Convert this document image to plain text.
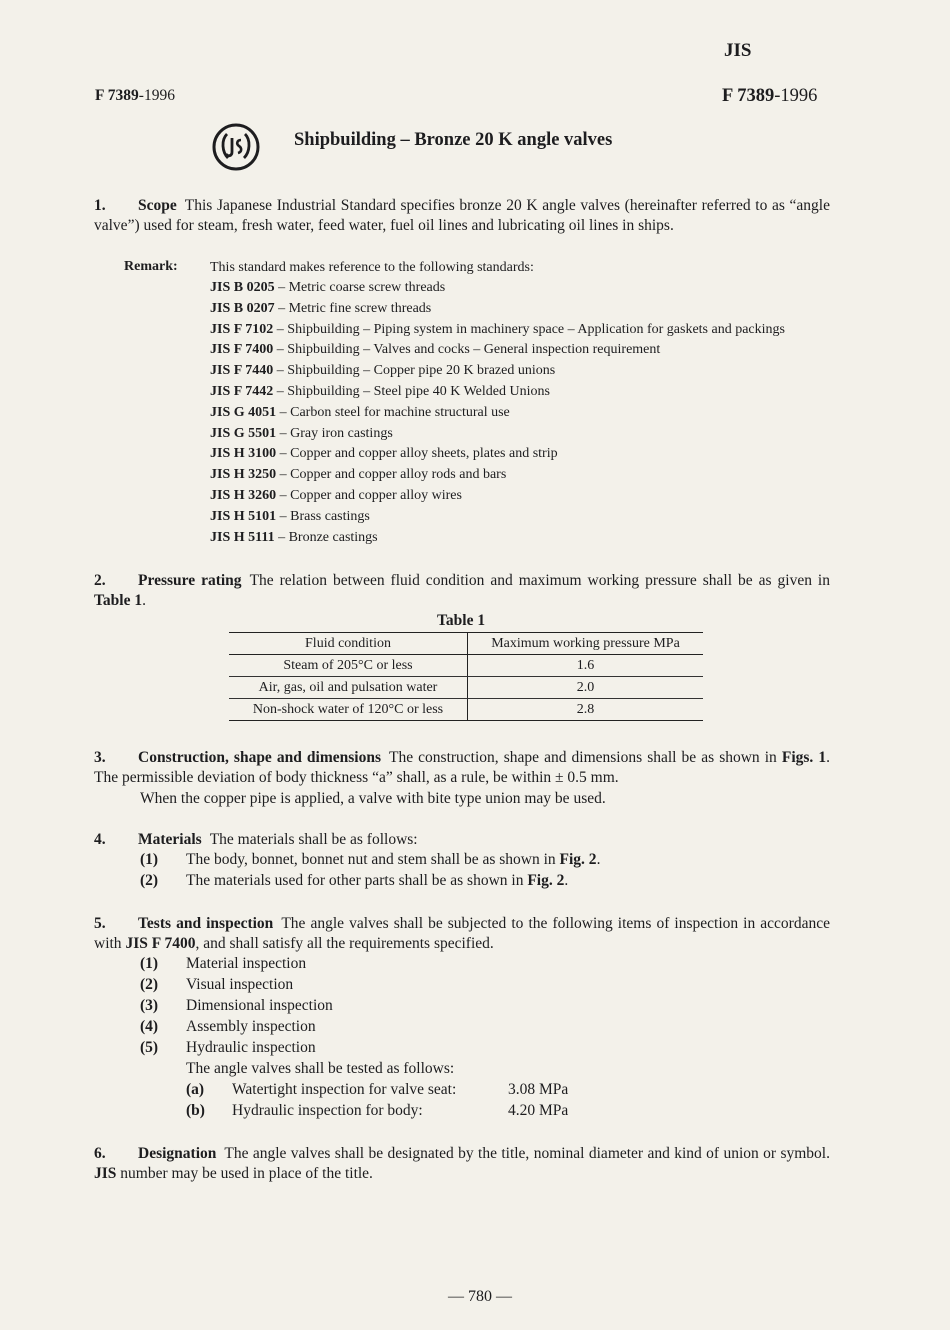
JIS
F 7389-1996	F 7389-1996
Shipbuilding – Bronze 20 K angle valves

1. Scope This Japanese Industrial Standard specifies bronze 20 K angle valves (hereinafter referred to as “angle valve”) used for steam, fresh water, feed water, fuel oil lines and lubricating oil lines in ships.

Remark: This standard makes reference to the following standards:
JIS B 0205 – Metric coarse screw threads
JIS B 0207 – Metric fine screw threads
JIS F 7102 – Shipbuilding – Piping system in machinery space – Application for gaskets and packings
JIS F 7400 – Shipbuilding – Valves and cocks – General inspection requirement
JIS F 7440 – Shipbuilding – Copper pipe 20 K brazed unions
JIS F 7442 – Shipbuilding – Steel pipe 40 K Welded Unions
JIS G 4051 – Carbon steel for machine structural use
JIS G 5501 – Gray iron castings
JIS H 3100 – Copper and copper alloy sheets, plates and strip
JIS H 3250 – Copper and copper alloy rods and bars
JIS H 3260 – Copper and copper alloy wires
JIS H 5101 – Brass castings
JIS H 5111 – Bronze castings

2. Pressure rating The relation between fluid condition and maximum working pressure shall be as given in Table 1.

Table 1
Fluid condition	Maximum working pressure MPa
Steam of 205°C or less	1.6
Air, gas, oil and pulsation water	2.0
Non-shock water of 120°C or less	2.8

3. Construction, shape and dimensions The construction, shape and dimensions shall be as shown in Figs. 1. The permissible deviation of body thickness “a” shall, as a rule, be within ± 0.5 mm.

When the copper pipe is applied, a valve with bite type union may be used.

4. Materials The materials shall be as follows:

(1) The body, bonnet, bonnet nut and stem shall be as shown in Fig. 2.
(2) The materials used for other parts shall be as shown in Fig. 2.

5. Tests and inspection The angle valves shall be subjected to the following items of inspection in accordance with JIS F 7400, and shall satisfy all the requirements specified.

(1) Material inspection
(2) Visual inspection
(3) Dimensional inspection
(4) Assembly inspection
(5) Hydraulic inspection
The angle valves shall be tested as follows:
(a) Watertight inspection for valve seat:	3.08 MPa
(b) Hydraulic inspection for body:	4.20 MPa

6. Designation The angle valves shall be designated by the title, nominal diameter and kind of union or symbol. JIS number may be used in place of the title.

— 780 —
